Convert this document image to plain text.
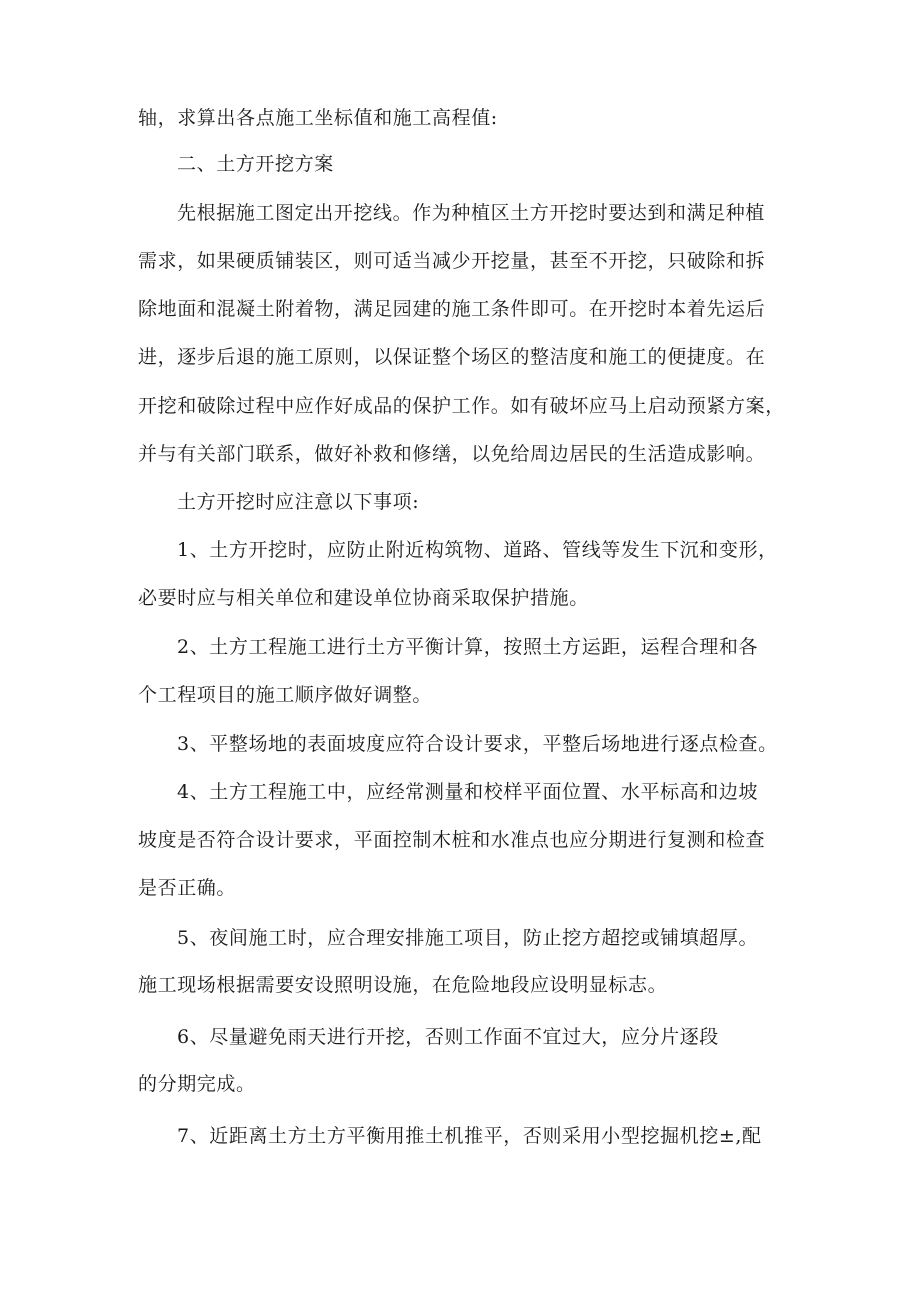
轴，求算出各点施工坐标值和施工高程值:

二、土方开挖方案

先根据施工图定出开挖线。作为种植区土方开挖时要达到和满足种植

需求，如果硬质铺装区，则可适当减少开挖量，甚至不开挖，只破除和拆

除地面和混凝土附着物，满足园建的施工条件即可。在开挖时本着先运后

进，逐步后退的施工原则，以保证整个场区的整洁度和施工的便捷度。在

开挖和破除过程中应作好成品的保护工作。如有破坏应马上启动预紧方案，

并与有关部门联系，做好补救和修缮，以免给周边居民的生活造成影响。

土方开挖时应注意以下事项:

1、土方开挖时，应防止附近构筑物、道路、管线等发生下沉和变形，

必要时应与相关单位和建设单位协商采取保护措施。

2、土方工程施工进行土方平衡计算，按照土方运距，运程合理和各

个工程项目的施工顺序做好调整。

3、平整场地的表面坡度应符合设计要求，平整后场地进行逐点检查。

4、土方工程施工中，应经常测量和校样平面位置、水平标高和边坡

坡度是否符合设计要求，平面控制木桩和水准点也应分期进行复测和检查

是否正确。

5、夜间施工时，应合理安排施工项目，防止挖方超挖或铺填超厚。

施工现场根据需要安设照明设施，在危险地段应设明显标志。

6、尽量避免雨天进行开挖，否则工作面不宜过大，应分片逐段

的分期完成。

7、近距离土方土方平衡用推土机推平，否则采用小型挖掘机挖±,配
